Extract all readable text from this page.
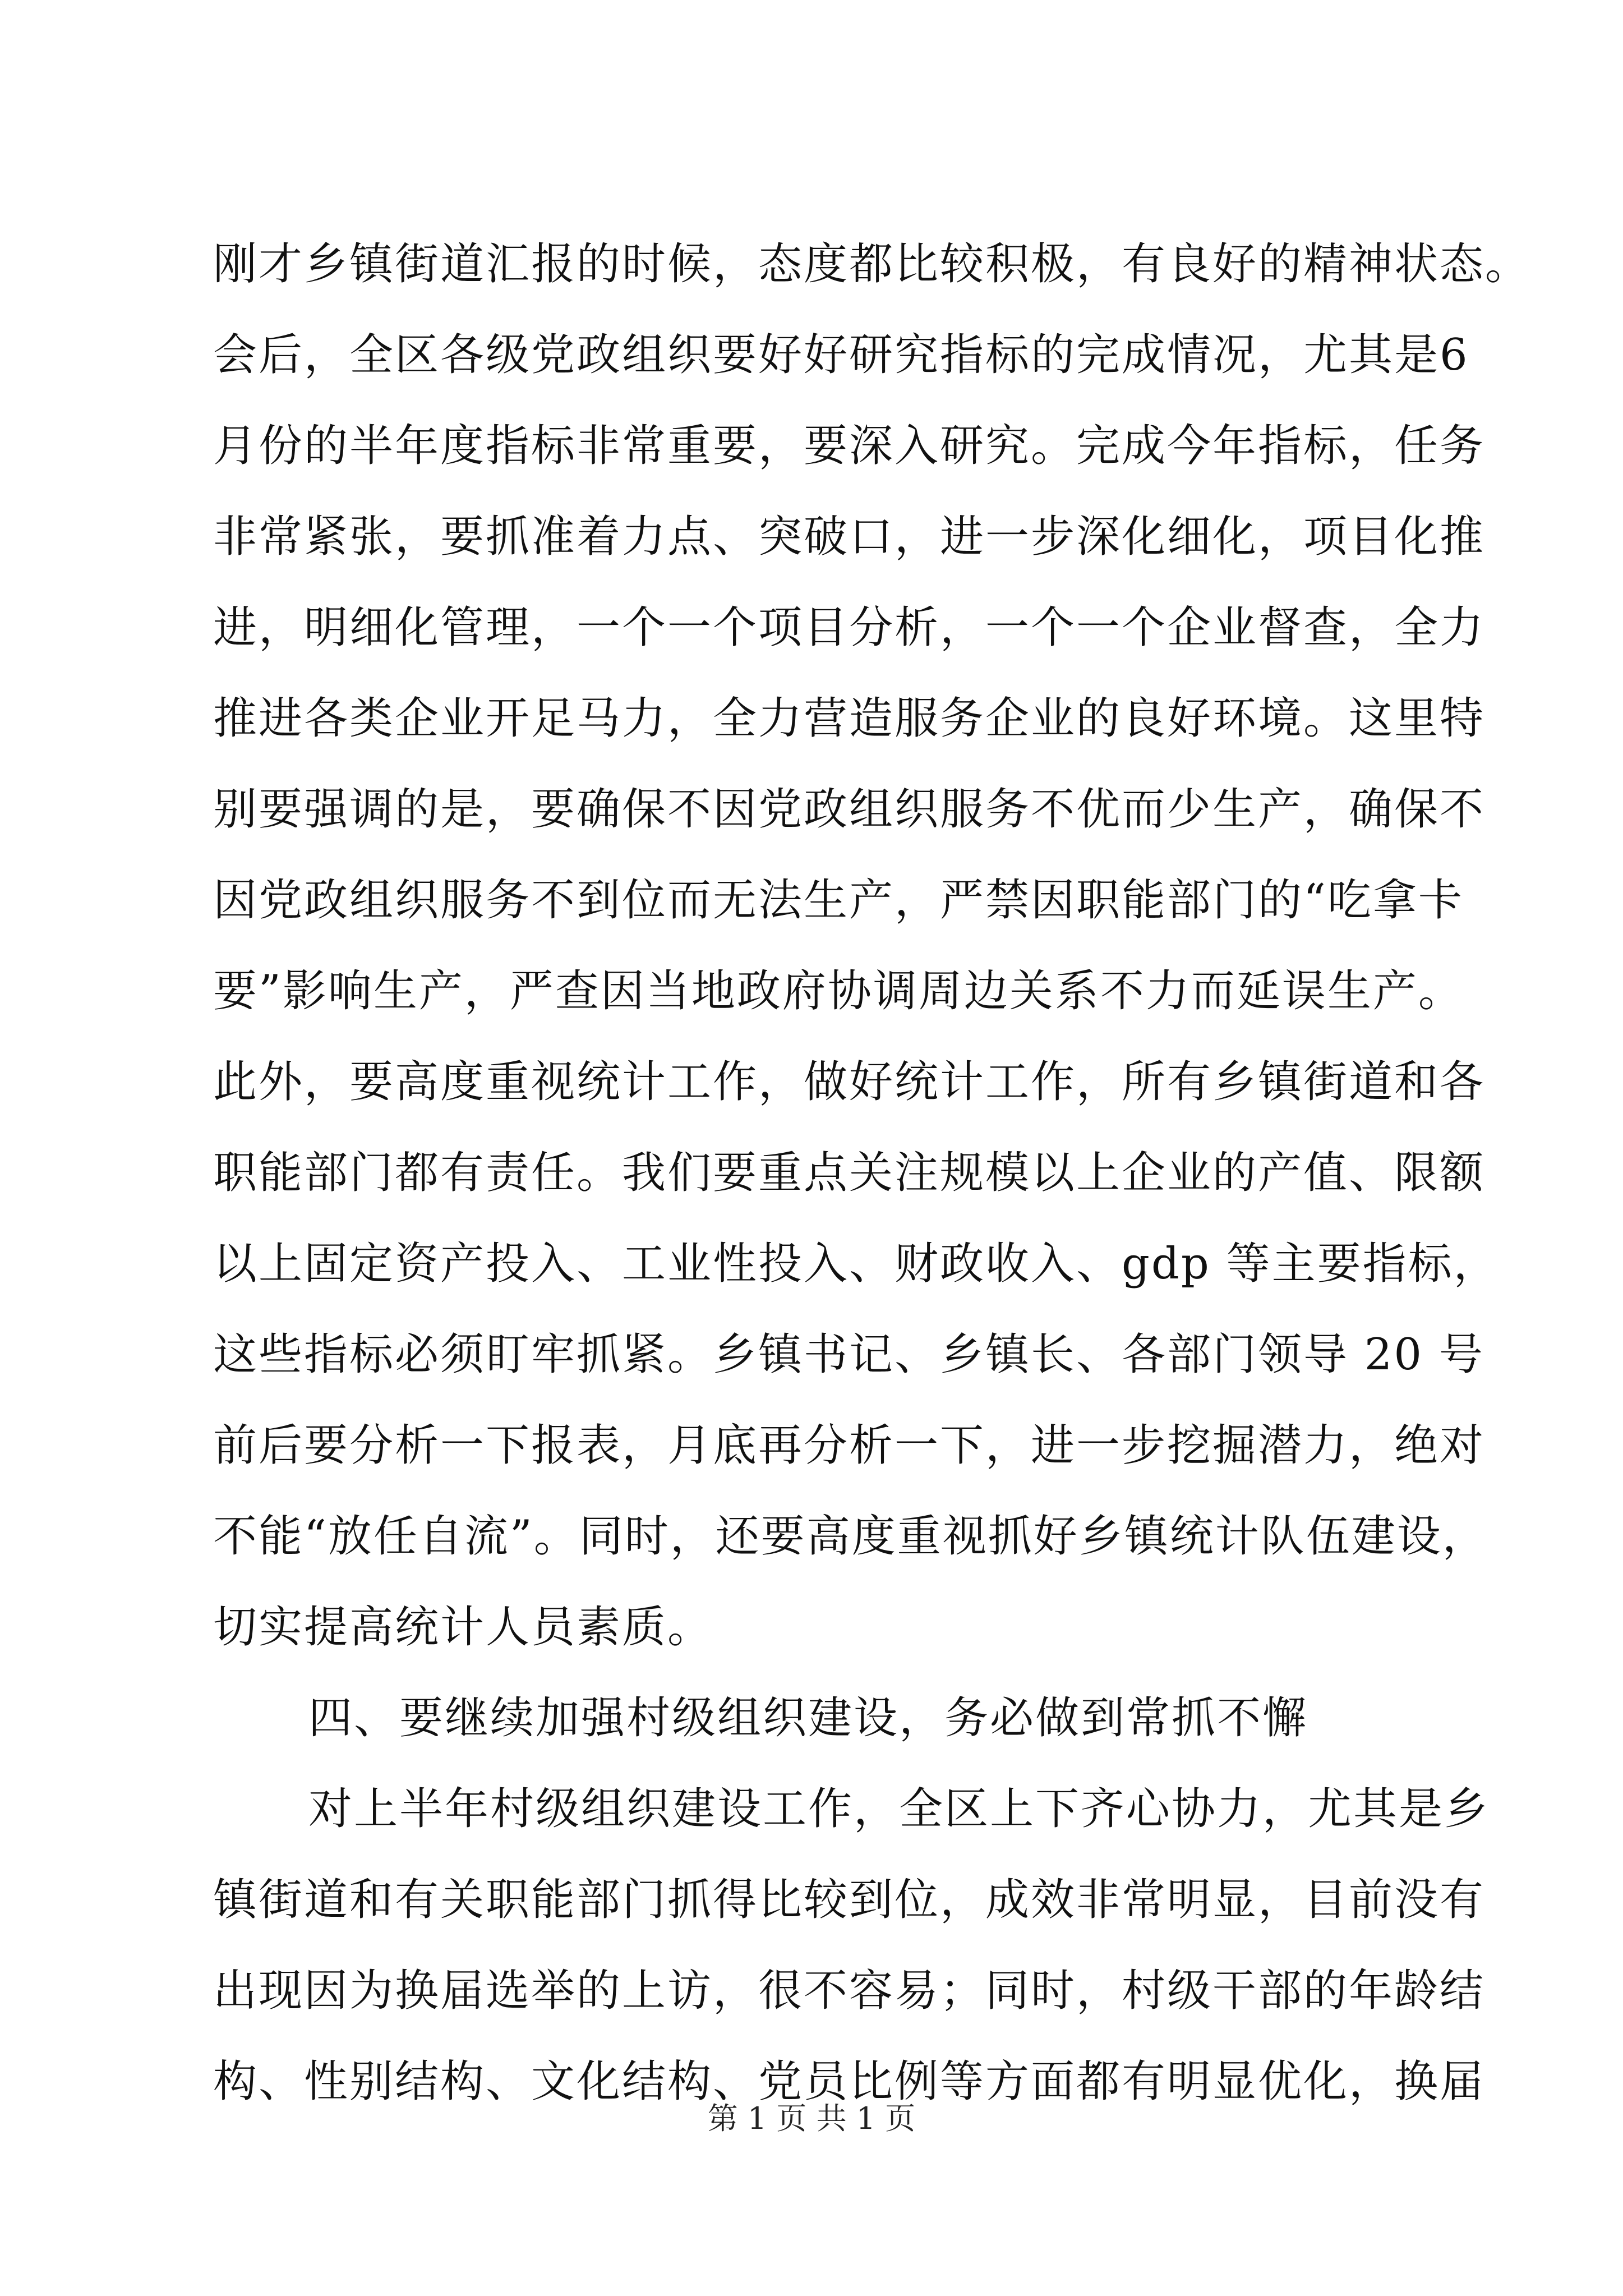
刚才乡镇街道汇报的时候，态度都比较积极，有良好的精神状态。
会后，全区各级党政组织要好好研究指标的完成情况，尤其是6
月份的半年度指标非常重要，要深入研究。完成今年指标，任务
非常紧张，要抓准着力点、突破口，进一步深化细化，项目化推
进，明细化管理，一个一个项目分析，一个一个企业督查，全力
推进各类企业开足马力，全力营造服务企业的良好环境。这里特
别要强调的是，要确保不因党政组织服务不优而少生产，确保不
因党政组织服务不到位而无法生产，严禁因职能部门的“吃拿卡
要”影响生产，严查因当地政府协调周边关系不力而延误生产。
此外，要高度重视统计工作，做好统计工作，所有乡镇街道和各
职能部门都有责任。我们要重点关注规模以上企业的产值、限额
以上固定资产投入、工业性投入、财政收入、gdp 等主要指标，
这些指标必须盯牢抓紧。乡镇书记、乡镇长、各部门领导 20 号
前后要分析一下报表，月底再分析一下，进一步挖掘潜力，绝对
不能“放任自流”。同时，还要高度重视抓好乡镇统计队伍建设，
切实提高统计人员素质。
四、要继续加强村级组织建设，务必做到常抓不懈
对上半年村级组织建设工作，全区上下齐心协力，尤其是乡
镇街道和有关职能部门抓得比较到位，成效非常明显，目前没有
出现因为换届选举的上访，很不容易；同时，村级干部的年龄结
构、性别结构、文化结构、党员比例等方面都有明显优化，换届
第 1 页 共 1 页
